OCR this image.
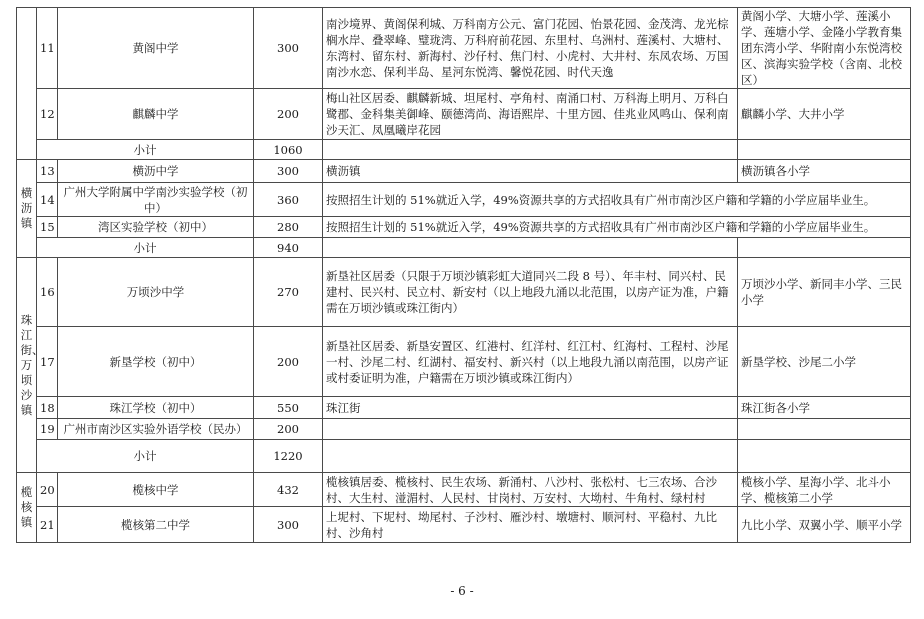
	11	黄阁中学	300	南沙境界、黄阁保利城、万科南方公元、富门花园、怡景花园、金茂湾、龙光棕榈水岸、叠翠峰、璧珑湾、万科府前花园、东里村、乌洲村、莲溪村、大塘村、东湾村、留东村、新海村、沙仔村、焦门村、小虎村、大井村、东凤农场、万国南沙水恋、保利半岛、星河东悦湾、馨悦花园、时代天逸	黄阁小学、大塘小学、莲溪小学、莲塘小学、金隆小学教育集团东湾小学、华附南小东悦湾校区、滨海实验学校（含南、北校区）
	12	麒麟中学	200	梅山社区居委、麒麟新城、坦尾村、亭角村、南涌口村、万科海上明月、万科白鹭郡、金科集美御峰、颐德湾尚、海语熙岸、十里方园、佳兆业风鸣山、保利南沙天汇、凤凰曦岸花园	麒麟小学、大井小学
	小计		1060		
横沥镇	13	横沥中学	300	横沥镇	横沥镇各小学
	14	广州大学附属中学南沙实验学校（初中）	360	按照招生计划的 51%就近入学，49%资源共享的方式招收具有广州市南沙区户籍和学籍的小学应届毕业生。	
	15	湾区实验学校（初中）	280	按照招生计划的 51%就近入学，49%资源共享的方式招收具有广州市南沙区户籍和学籍的小学应届毕业生。	
	小计		940		
珠江街、万顷沙镇	16	万顷沙中学	270	新垦社区居委（只限于万顷沙镇彩虹大道同兴二段 8 号）、年丰村、同兴村、民建村、民兴村、民立村、新安村（以上地段九涌以北范围，以房产证为准，户籍需在万顷沙镇或珠江街内）	万顷沙小学、新同丰小学、三民小学
	17	新垦学校（初中）	200	新垦社区居委、新垦安置区、红港村、红洋村、红江村、红海村、工程村、沙尾一村、沙尾二村、红湖村、福安村、新兴村（以上地段九涌以南范围，以房产证或村委证明为准，户籍需在万顷沙镇或珠江街内）	新垦学校、沙尾二小学
	18	珠江学校（初中）	550	珠江街	珠江街各小学
	19	广州市南沙区实验外语学校（民办）	200		
	小计		1220		
榄核镇	20	榄核中学	432	榄核镇居委、榄核村、民生农场、新涌村、八沙村、张松村、七三农场、合沙村、大生村、湴湄村、人民村、甘岗村、万安村、大坳村、牛角村、绿村村	榄核小学、星海小学、北斗小学、榄核第二小学
	21	榄核第二中学	300	上坭村、下坭村、坳尾村、子沙村、雁沙村、墩塘村、顺河村、平稳村、九比村、沙角村	九比小学、双翼小学、顺平小学
- 6 -
